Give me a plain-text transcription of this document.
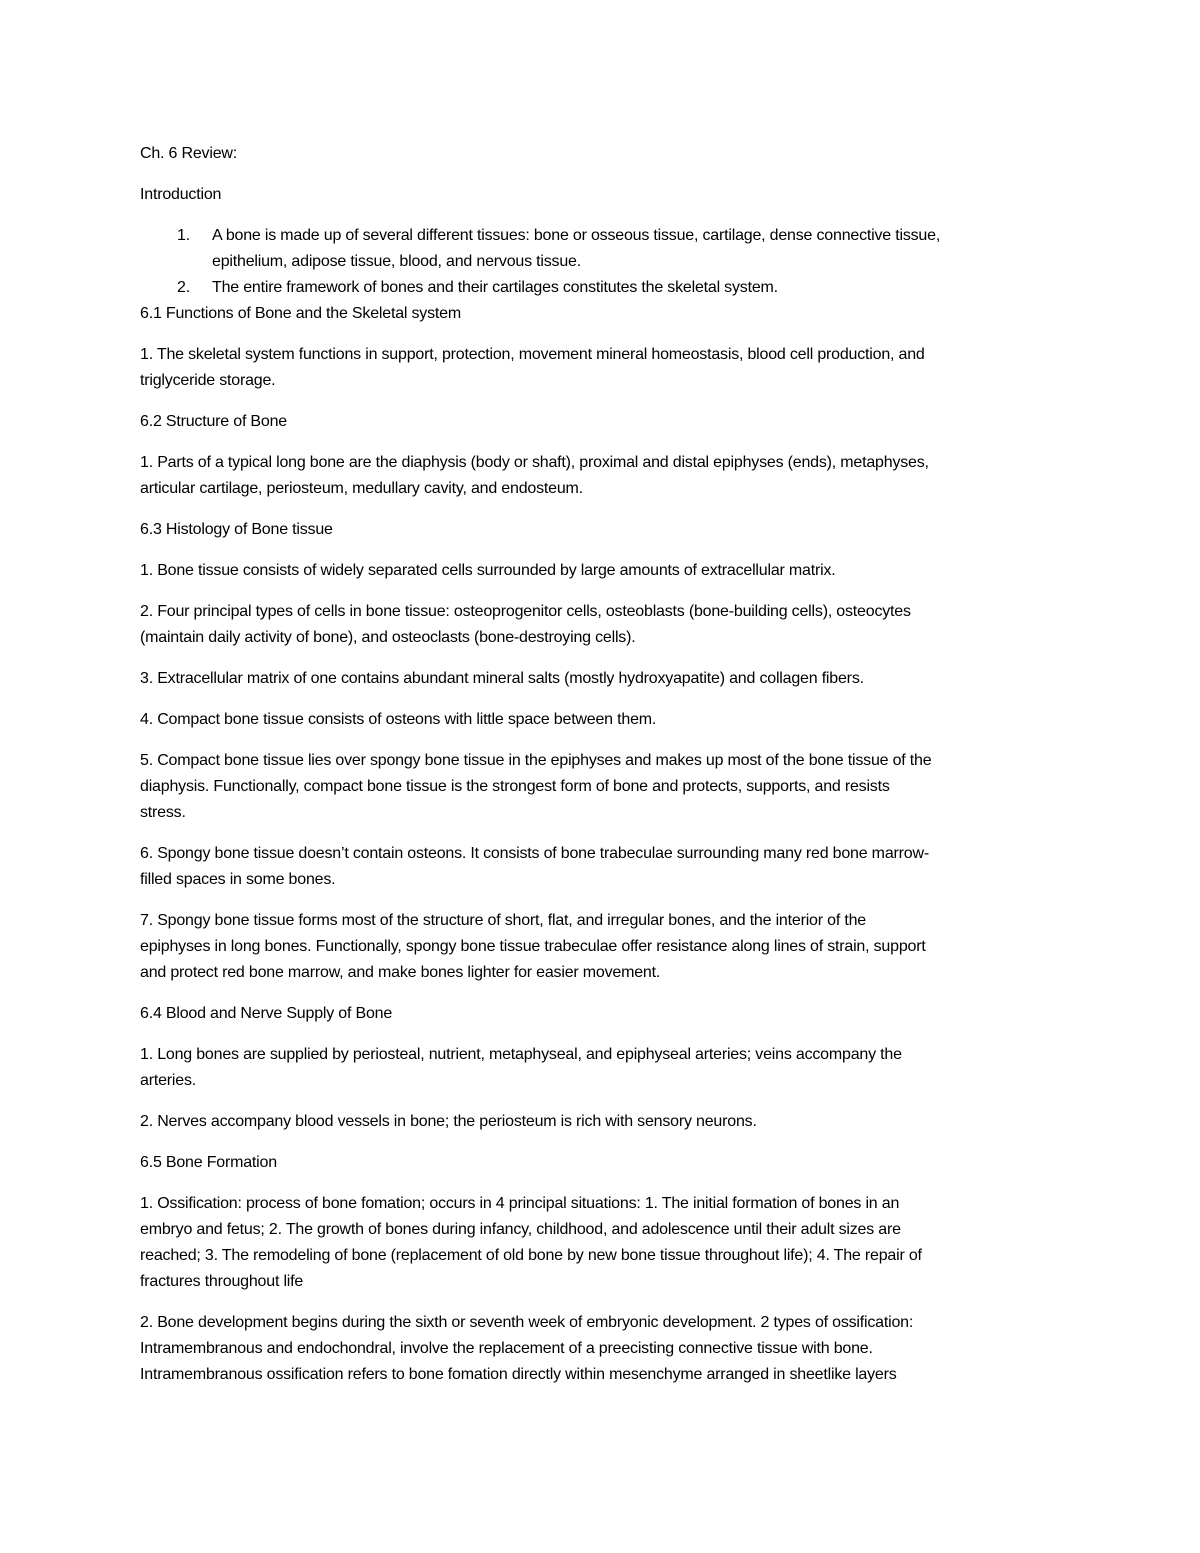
Ch. 6 Review:
Introduction
1.	A bone is made up of several different tissues: bone or osseous tissue, cartilage, dense connective tissue,
epithelium, adipose tissue, blood, and nervous tissue.
2.	The entire framework of bones and their cartilages constitutes the skeletal system.
6.1 Functions of Bone and the Skeletal system
1. The skeletal system functions in support, protection, movement mineral homeostasis, blood cell production, and
triglyceride storage.
6.2 Structure of Bone
1. Parts of a typical long bone are the diaphysis (body or shaft), proximal and distal epiphyses (ends), metaphyses,
articular cartilage, periosteum, medullary cavity, and endosteum.
6.3 Histology of Bone tissue
1. Bone tissue consists of widely separated cells surrounded by large amounts of extracellular matrix.
2. Four principal types of cells in bone tissue: osteoprogenitor cells, osteoblasts (bone-building cells), osteocytes
(maintain daily activity of bone), and osteoclasts (bone-destroying cells).
3. Extracellular matrix of one contains abundant mineral salts (mostly hydroxyapatite) and collagen fibers.
4. Compact bone tissue consists of osteons with little space between them.
5. Compact bone tissue lies over spongy bone tissue in the epiphyses and makes up most of the bone tissue of the
diaphysis. Functionally, compact bone tissue is the strongest form of bone and protects, supports, and resists
stress.
6. Spongy bone tissue doesn’t contain osteons. It consists of bone trabeculae surrounding many red bone marrow-
filled spaces in some bones.
7. Spongy bone tissue forms most of the structure of short, flat, and irregular bones, and the interior of the
epiphyses in long bones. Functionally, spongy bone tissue trabeculae offer resistance along lines of strain, support
and protect red bone marrow, and make bones lighter for easier movement.
6.4 Blood and Nerve Supply of Bone
1. Long bones are supplied by periosteal, nutrient, metaphyseal, and epiphyseal arteries; veins accompany the
arteries.
2. Nerves accompany blood vessels in bone; the periosteum is rich with sensory neurons.
6.5 Bone Formation
1. Ossification: process of bone fomation; occurs in 4 principal situations: 1. The initial formation of bones in an
embryo and fetus; 2. The growth of bones during infancy, childhood, and adolescence until their adult sizes are
reached; 3. The remodeling of bone (replacement of old bone by new bone tissue throughout life); 4. The repair of
fractures throughout life
2. Bone development begins during the sixth or seventh week of embryonic development. 2 types of ossification:
Intramembranous and endochondral, involve the replacement of a preecisting connective tissue with bone.
Intramembranous ossification refers to bone fomation directly within mesenchyme arranged in sheetlike layers
